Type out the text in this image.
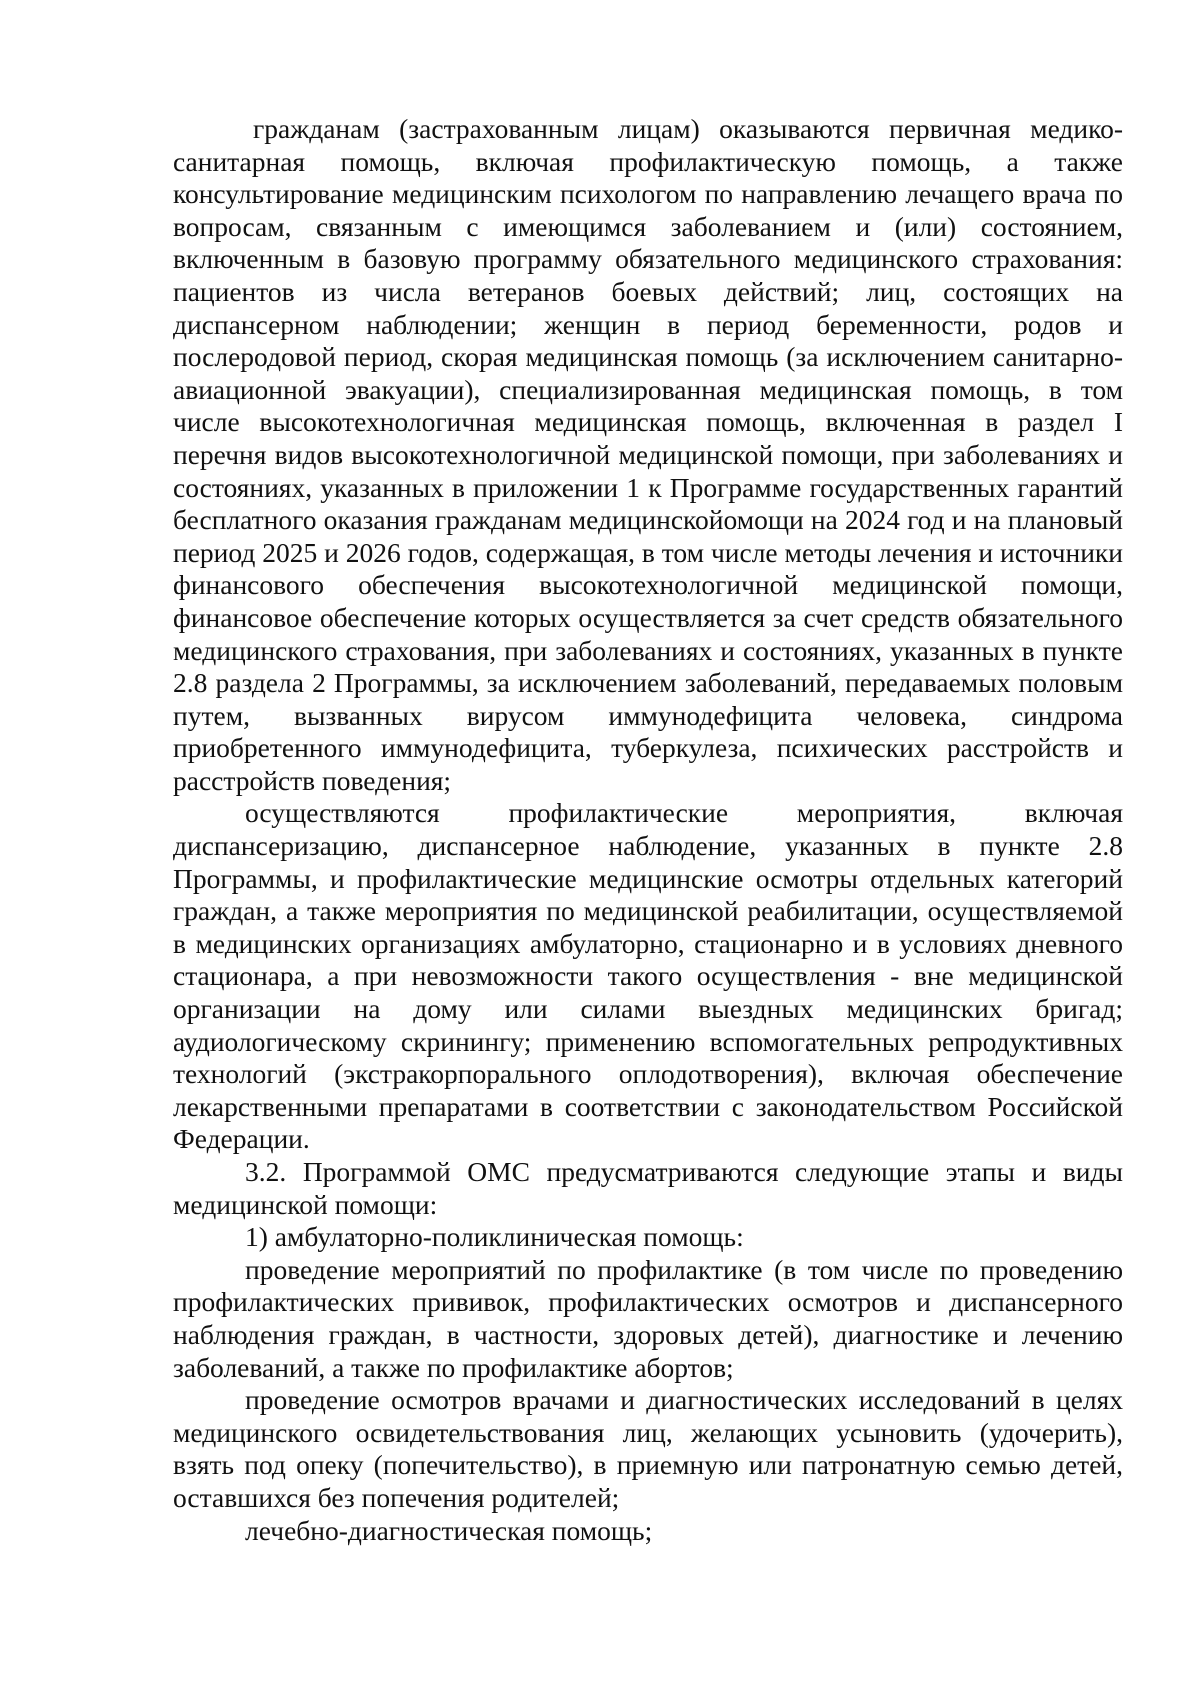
гражданам (застрахованным лицам) оказываются первичная медико-санитарная помощь, включая профилактическую помощь, а также консультирование медицинским психологом по направлению лечащего врача по вопросам, связанным с имеющимся заболеванием и (или) состоянием, включенным в базовую программу обязательного медицинского страхования: пациентов из числа ветеранов боевых действий; лиц, состоящих на диспансерном наблюдении; женщин в период беременности, родов и послеродовой период, скорая медицинская помощь (за исключением санитарно-авиационной эвакуации), специализированная медицинская помощь, в том числе высокотехнологичная медицинская помощь, включенная в раздел I перечня видов высокотехнологичной медицинской помощи, при заболеваниях и состояниях, указанных в приложении 1 к Программе государственных гарантий бесплатного оказания гражданам медицинскойомощи на 2024 год и на плановый период 2025 и 2026 годов, содержащая, в том числе методы лечения и источники финансового обеспечения высокотехнологичной медицинской помощи, финансовое обеспечение которых осуществляется за счет средств обязательного медицинского страхования, при заболеваниях и состояниях, указанных в пункте 2.8 раздела 2 Программы, за исключением заболеваний, передаваемых половым путем, вызванных вирусом иммунодефицита человека, синдрома приобретенного иммунодефицита, туберкулеза, психических расстройств и расстройств поведения;

осуществляются профилактические мероприятия, включая диспансеризацию, диспансерное наблюдение, указанных в пункте 2.8 Программы, и профилактические медицинские осмотры отдельных категорий граждан, а также мероприятия по медицинской реабилитации, осуществляемой в медицинских организациях амбулаторно, стационарно и в условиях дневного стационара, а при невозможности такого осуществления - вне медицинской организации на дому или силами выездных медицинских бригад; аудиологическому скринингу; применению вспомогательных репродуктивных технологий (экстракорпорального оплодотворения), включая обеспечение лекарственными препаратами в соответствии с законодательством Российской Федерации.

3.2. Программой ОМС предусматриваются следующие этапы и виды медицинской помощи:

1) амбулаторно-поликлиническая помощь:

проведение мероприятий по профилактике (в том числе по проведению профилактических прививок, профилактических осмотров и диспансерного наблюдения граждан, в частности, здоровых детей), диагностике и лечению заболеваний, а также по профилактике абортов;

проведение осмотров врачами и диагностических исследований в целях медицинского освидетельствования лиц, желающих усыновить (удочерить), взять под опеку (попечительство), в приемную или патронатную семью детей, оставшихся без попечения родителей;

лечебно-диагностическая помощь;
